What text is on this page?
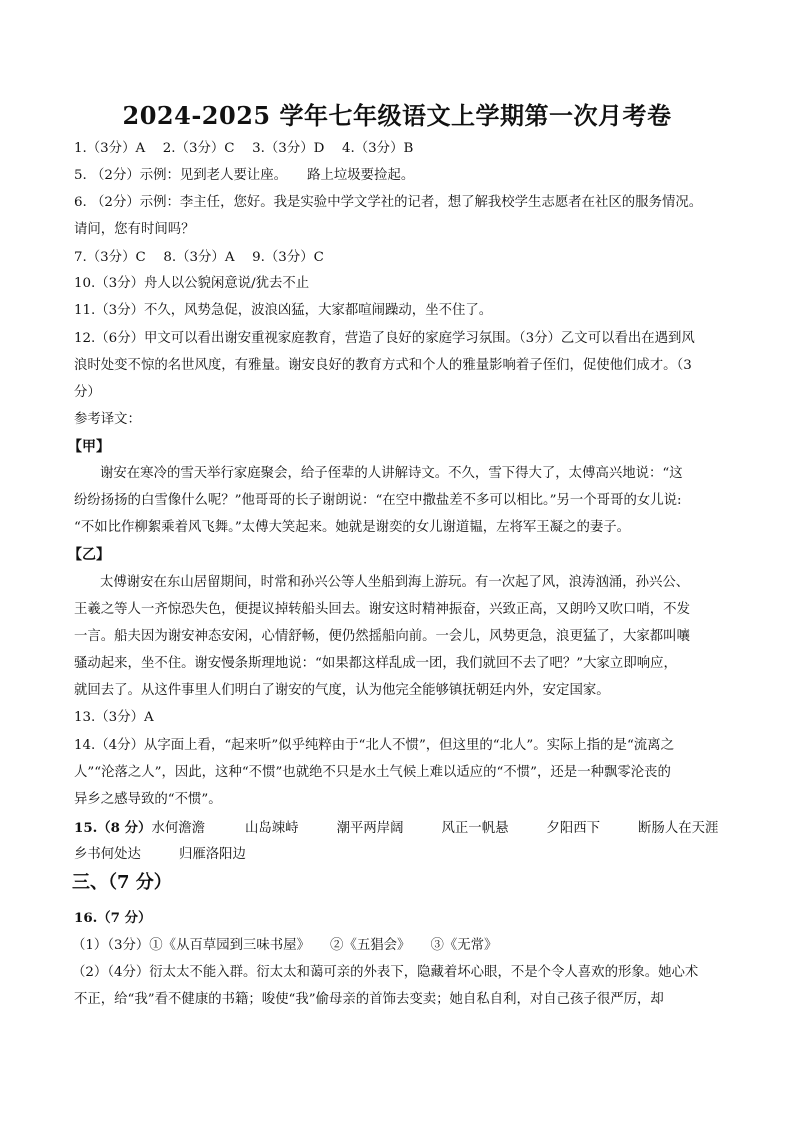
2024-2025 学年七年级语文上学期第一次月考卷
1.（3分）A　 2.（3分）C　 3.（3分）D　 4.（3分）B
5. （2分）示例：见到老人要让座。　　路上垃圾要捡起。
6. （2分）示例：李主任，您好。我是实验中学文学社的记者，想了解我校学生志愿者在社区的服务情况。
请问，您有时间吗？
7.（3分）C　 8.（3分）A　 9.（3分）C
10.（3分）舟人以公貌闲意说/犹去不止
11.（3分）不久，风势急促，波浪凶猛，大家都喧闹躁动，坐不住了。
12.（6分）甲文可以看出谢安重视家庭教育，营造了良好的家庭学习氛围。（3分）乙文可以看出在遇到风
浪时处变不惊的名世风度，有雅量。谢安良好的教育方式和个人的雅量影响着子侄们，促使他们成才。（3
分）
参考译文：
【甲】
谢安在寒冷的雪天举行家庭聚会，给子侄辈的人讲解诗文。不久，雪下得大了，太傅高兴地说：“这
纷纷扬扬的白雪像什么呢？”他哥哥的长子谢朗说：“在空中撒盐差不多可以相比。”另一个哥哥的女儿说:
“不如比作柳絮乘着风飞舞。”太傅大笑起来。她就是谢奕的女儿谢道韫，左将军王凝之的妻子。
【乙】
太傅谢安在东山居留期间，时常和孙兴公等人坐船到海上游玩。有一次起了风，浪涛汹涌，孙兴公、
王羲之等人一齐惊恐失色，便提议掉转船头回去。谢安这时精神振奋，兴致正高，又朗吟又吹口哨，不发
一言。船夫因为谢安神态安闲，心情舒畅，便仍然摇船向前。一会儿，风势更急，浪更猛了，大家都叫嚷
骚动起来，坐不住。谢安慢条斯理地说：“如果都这样乱成一团，我们就回不去了吧？”大家立即响应，
就回去了。从这件事里人们明白了谢安的气度，认为他完全能够镇抚朝廷内外，安定国家。
13.（3分）A
14.（4分）从字面上看，“起来听”似乎纯粹由于“北人不惯”，但这里的“北人”。实际上指的是“流离之
人”“沦落之人”，因此，这种“不惯”也就绝不只是水土气候上难以适应的“不惯”，还是一种飘零沦丧的
异乡之感导致的“不惯”。
15.（8 分）水何澹澹	山岛竦峙	潮平两岸阔	风正一帆悬	夕阳西下	断肠人在天涯
乡书何处达	归雁洛阳边
三、（7 分）
16.（7 分）
（1）（3分）①《从百草园到三味书屋》　　②《五猖会》　　③《无常》
（2）（4分）衍太太不能入群。衍太太和蔼可亲的外表下，隐藏着坏心眼，不是个令人喜欢的形象。她心术
不正，给“我”看不健康的书籍；唆使“我”偷母亲的首饰去变卖；她自私自利，对自己孩子很严厉，却
